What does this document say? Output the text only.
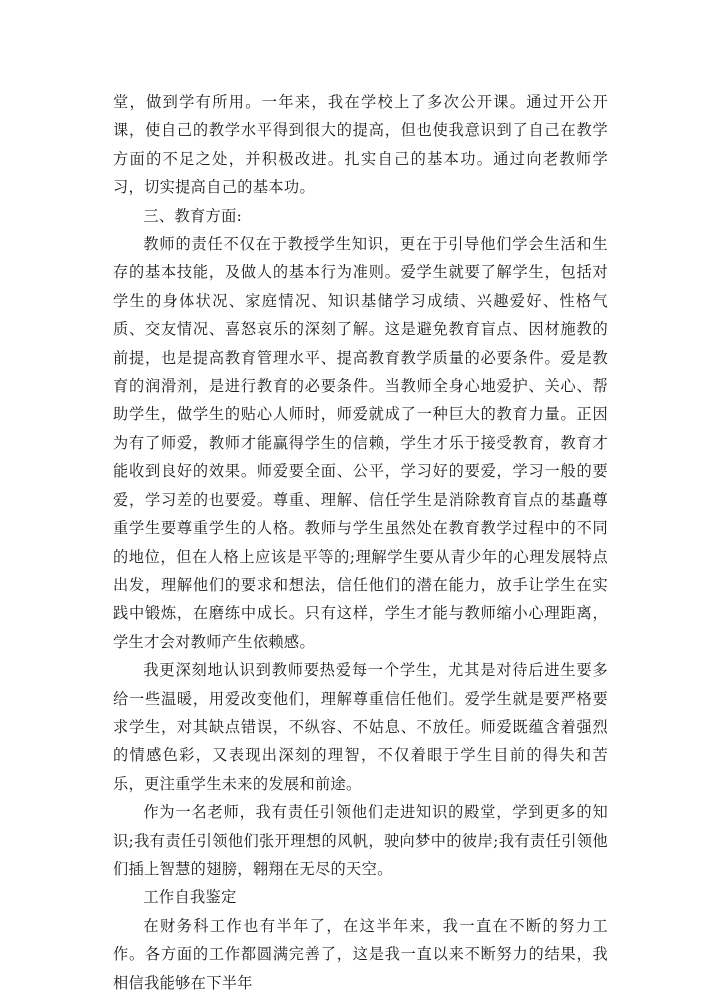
堂，做到学有所用。一年来，我在学校上了多次公开课。通过开公开课，使自己的教学水平得到很大的提高，但也使我意识到了自己在教学方面的不足之处，并积极改进。扎实自己的基本功。通过向老教师学习，切实提高自己的基本功。

三、教育方面:

教师的责任不仅在于教授学生知识，更在于引导他们学会生活和生存的基本技能，及做人的基本行为准则。爱学生就要了解学生，包括对学生的身体状况、家庭情况、知识基储学习成绩、兴趣爱好、性格气质、交友情况、喜怒哀乐的深刻了解。这是避免教育盲点、因材施教的前提，也是提高教育管理水平、提高教育教学质量的必要条件。爱是教育的润滑剂，是进行教育的必要条件。当教师全身心地爱护、关心、帮助学生，做学生的贴心人师时，师爱就成了一种巨大的教育力量。正因为有了师爱，教师才能赢得学生的信赖，学生才乐于接受教育，教育才能收到良好的效果。师爱要全面、公平，学习好的要爱，学习一般的要爱，学习差的也要爱。尊重、理解、信任学生是消除教育盲点的基矗尊重学生要尊重学生的人格。教师与学生虽然处在教育教学过程中的不同的地位，但在人格上应该是平等的;理解学生要从青少年的心理发展特点出发，理解他们的要求和想法，信任他们的潜在能力，放手让学生在实践中锻炼，在磨练中成长。只有这样，学生才能与教师缩小心理距离，学生才会对教师产生依赖感。

我更深刻地认识到教师要热爱每一个学生，尤其是对待后进生要多给一些温暖，用爱改变他们，理解尊重信任他们。爱学生就是要严格要求学生，对其缺点错误，不纵容、不姑息、不放任。师爱既蕴含着强烈的情感色彩，又表现出深刻的理智，不仅着眼于学生目前的得失和苦乐，更注重学生未来的发展和前途。

作为一名老师，我有责任引领他们走进知识的殿堂，学到更多的知识;我有责任引领他们张开理想的风帆，驶向梦中的彼岸;我有责任引领他们插上智慧的翅膀，翱翔在无尽的天空。

工作自我鉴定

在财务科工作也有半年了，在这半年来，我一直在不断的努力工作。各方面的工作都圆满完善了，这是我一直以来不断努力的结果，我相信我能够在下半年
